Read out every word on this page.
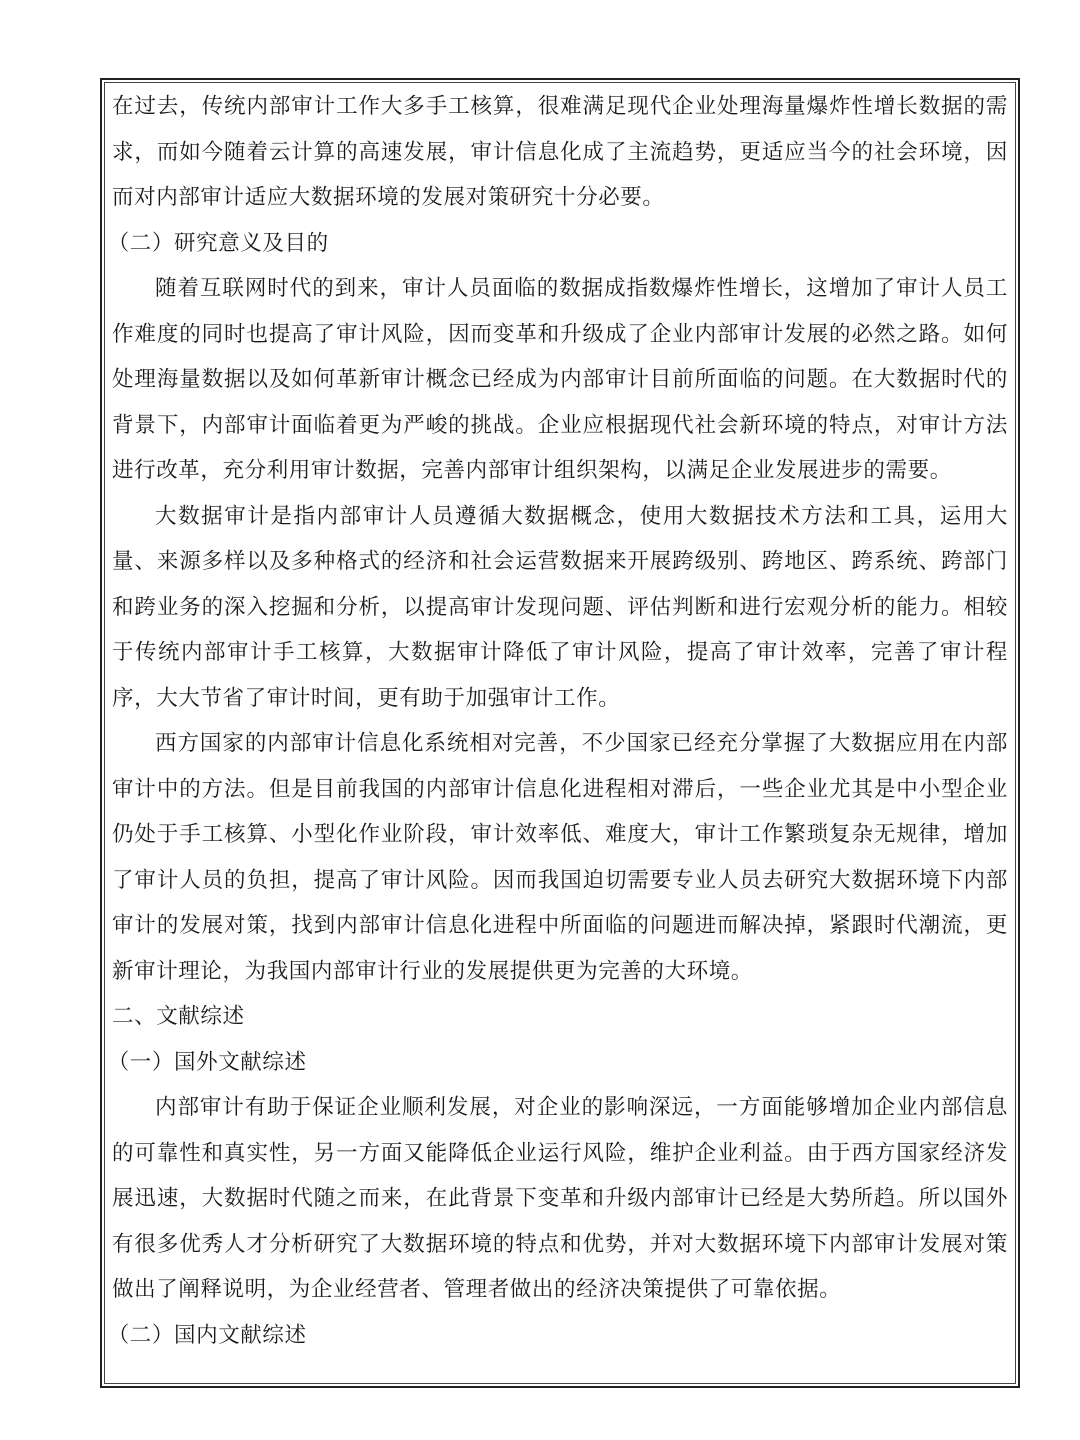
在过去，传统内部审计工作大多手工核算，很难满足现代企业处理海量爆炸性增长数据的需求，而如今随着云计算的高速发展，审计信息化成了主流趋势，更适应当今的社会环境，因而对内部审计适应大数据环境的发展对策研究十分必要。

（二）研究意义及目的

随着互联网时代的到来，审计人员面临的数据成指数爆炸性增长，这增加了审计人员工作难度的同时也提高了审计风险，因而变革和升级成了企业内部审计发展的必然之路。如何处理海量数据以及如何革新审计概念已经成为内部审计目前所面临的问题。在大数据时代的背景下，内部审计面临着更为严峻的挑战。企业应根据现代社会新环境的特点，对审计方法进行改革，充分利用审计数据，完善内部审计组织架构，以满足企业发展进步的需要。

大数据审计是指内部审计人员遵循大数据概念，使用大数据技术方法和工具，运用大量、来源多样以及多种格式的经济和社会运营数据来开展跨级别、跨地区、跨系统、跨部门和跨业务的深入挖掘和分析，以提高审计发现问题、评估判断和进行宏观分析的能力。相较于传统内部审计手工核算，大数据审计降低了审计风险，提高了审计效率，完善了审计程序，大大节省了审计时间，更有助于加强审计工作。

西方国家的内部审计信息化系统相对完善，不少国家已经充分掌握了大数据应用在内部审计中的方法。但是目前我国的内部审计信息化进程相对滞后，一些企业尤其是中小型企业仍处于手工核算、小型化作业阶段，审计效率低、难度大，审计工作繁琐复杂无规律，增加了审计人员的负担，提高了审计风险。因而我国迫切需要专业人员去研究大数据环境下内部审计的发展对策，找到内部审计信息化进程中所面临的问题进而解决掉，紧跟时代潮流，更新审计理论，为我国内部审计行业的发展提供更为完善的大环境。

二、文献综述

（一）国外文献综述

内部审计有助于保证企业顺利发展，对企业的影响深远，一方面能够增加企业内部信息的可靠性和真实性，另一方面又能降低企业运行风险，维护企业利益。由于西方国家经济发展迅速，大数据时代随之而来，在此背景下变革和升级内部审计已经是大势所趋。所以国外有很多优秀人才分析研究了大数据环境的特点和优势，并对大数据环境下内部审计发展对策做出了阐释说明，为企业经营者、管理者做出的经济决策提供了可靠依据。

（二）国内文献综述
